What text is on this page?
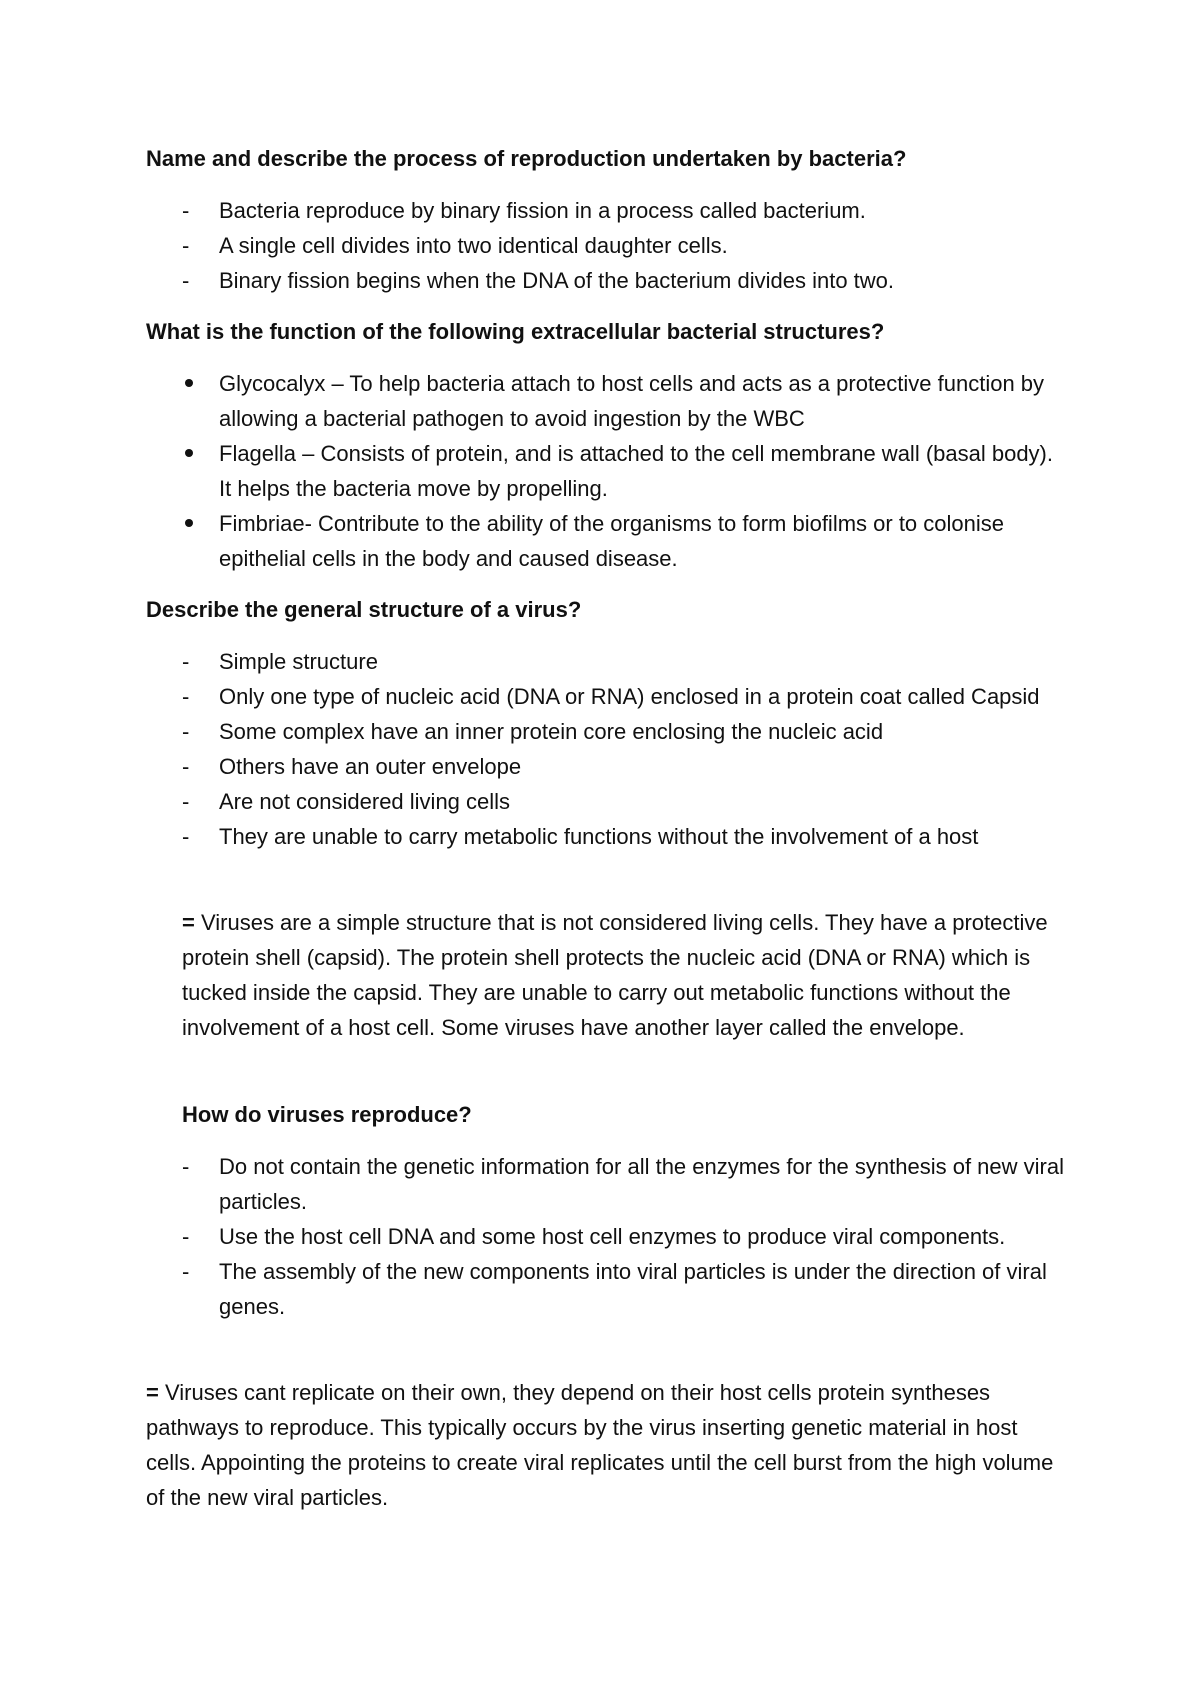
Name and describe the process of reproduction undertaken by bacteria?
-	Bacteria reproduce by binary fission in a process called bacterium.
-	A single cell divides into two identical daughter cells.
-	Binary fission begins when the DNA of the bacterium divides into two.
What is the function of the following extracellular bacterial structures?
Glycocalyx – To help bacteria attach to host cells and acts as a protective function by allowing a bacterial pathogen to avoid ingestion by the WBC
Flagella – Consists of protein, and is attached to the cell membrane wall (basal body). It helps the bacteria move by propelling.
Fimbriae- Contribute to the ability of the organisms to form biofilms or to colonise epithelial cells in the body and caused disease.
Describe the general structure of a virus?
-	Simple structure
-	Only one type of nucleic acid (DNA or RNA) enclosed in a protein coat called Capsid
-	Some complex have an inner protein core enclosing the nucleic acid
-	Others have an outer envelope
-	Are not considered living cells
-	They are unable to carry metabolic functions without the involvement of a host

= Viruses are a simple structure that is not considered living cells. They have a protective protein shell (capsid). The protein shell protects the nucleic acid (DNA or RNA) which is tucked inside the capsid. They are unable to carry out metabolic functions without the involvement of a host cell. Some viruses have another layer called the envelope.

How do viruses reproduce?
-	Do not contain the genetic information for all the enzymes for the synthesis of new viral particles.
-	Use the host cell DNA and some host cell enzymes to produce viral components.
-	The assembly of the new components into viral particles is under the direction of viral genes.

= Viruses cant replicate on their own, they depend on their host cells protein syntheses pathways to reproduce. This typically occurs by the virus inserting genetic material in host cells. Appointing the proteins to create viral replicates until the cell burst from the high volume of the new viral particles.
